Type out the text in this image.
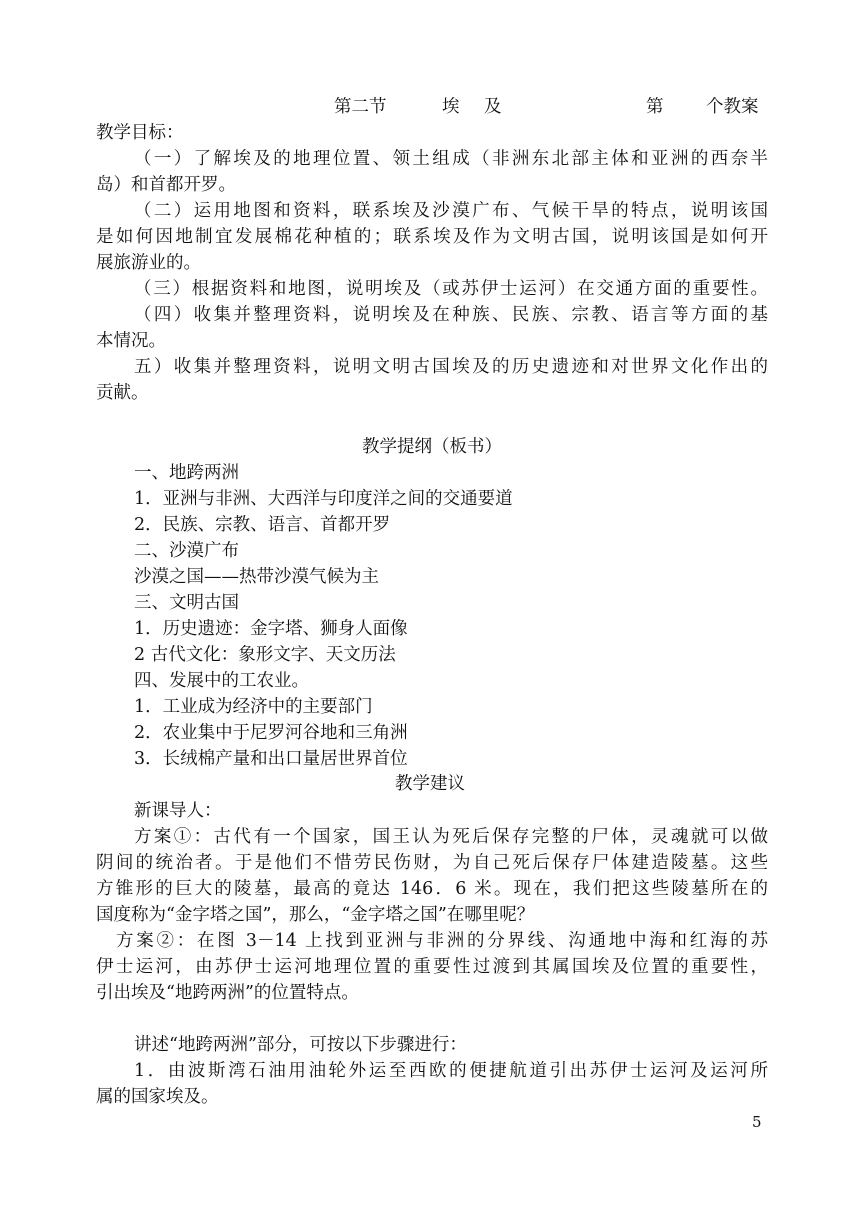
第二节	埃 及	第 个教案
教学目标：
（一）了解埃及的地理位置、领土组成（非洲东北部主体和亚洲的西奈半
岛）和首都开罗。
（二）运用地图和资料，联系埃及沙漠广布、气候干旱的特点，说明该国
是如何因地制宜发展棉花种植的；联系埃及作为文明古国，说明该国是如何开
展旅游业的。
（三）根据资料和地图，说明埃及（或苏伊士运河）在交通方面的重要性。
（四）收集并整理资料，说明埃及在种族、民族、宗教、语言等方面的基
本情况。
五）收集并整理资料，说明文明古国埃及的历史遗迹和对世界文化作出的
贡献。
教学提纲（板书）
一、地跨两洲
1．亚洲与非洲、大西洋与印度洋之间的交通要道
2．民族、宗教、语言、首都开罗
二、沙漠广布
沙漠之国——热带沙漠气候为主
三、文明古国
1．历史遗迹：金字塔、狮身人面像
2 古代文化：象形文字、天文历法
四、发展中的工农业。
1．工业成为经济中的主要部门
2．农业集中于尼罗河谷地和三角洲
3．长绒棉产量和出口量居世界首位
教学建议
新课导人：
方案①：古代有一个国家，国王认为死后保存完整的尸体，灵魂就可以做
阴间的统治者。于是他们不惜劳民伤财，为自己死后保存尸体建造陵墓。这些
方锥形的巨大的陵墓，最高的竟达 146．6 米。现在，我们把这些陵墓所在的
国度称为“金字塔之国”，那么，“金字塔之国”在哪里呢？
方案②：在图 3－14 上找到亚洲与非洲的分界线、沟通地中海和红海的苏
伊士运河，由苏伊士运河地理位置的重要性过渡到其属国埃及位置的重要性，
引出埃及“地跨两洲”的位置特点。
讲述“地跨两洲”部分，可按以下步骤进行：
1．由波斯湾石油用油轮外运至西欧的便捷航道引出苏伊士运河及运河所
属的国家埃及。
5
